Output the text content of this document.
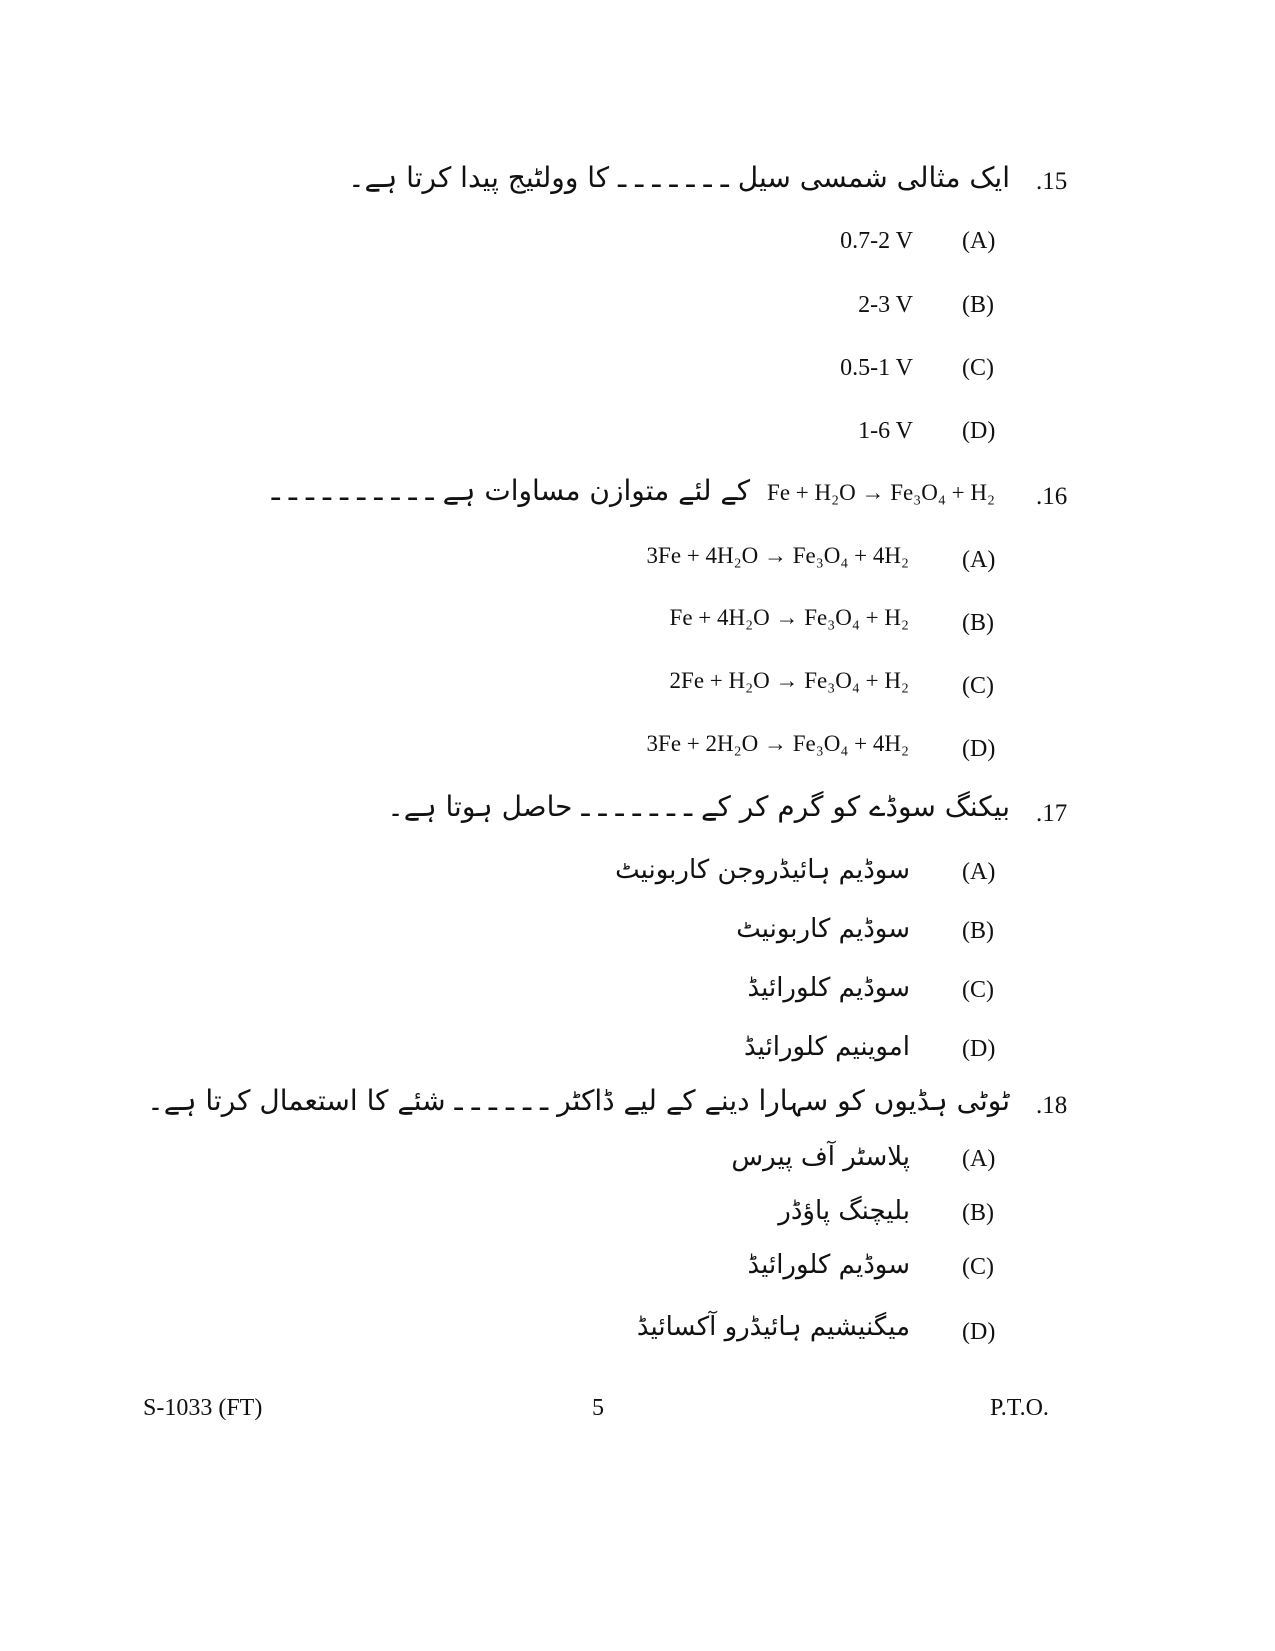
.15
ایک مثالی شمسی سیل ـ ـ ـ ـ ـ ـ ـ کا وولٹیج پیدا کرتا ہے۔
0.7-2 V (A)
2-3 V (B)
0.5-1 V (C)
1-6 V (D)
.16
کے لئے متوازن مساوات ہے ـ ـ ـ ـ ـ ـ ـ ـ ـ ـ Fe + H₂O → Fe₃O₄ + H₂
3Fe + 4H₂O → Fe₃O₄ + 4H₂ (A)
Fe + 4H₂O → Fe₃O₄ + H₂ (B)
2Fe + H₂O → Fe₃O₄ + H₂ (C)
3Fe + 2H₂O → Fe₃O₄ + 4H₂ (D)
.17
بیکنگ سوڈے کو گرم کر کے ـ ـ ـ ـ ـ ـ ـ حاصل ہوتا ہے۔
سوڈیم ہائیڈروجن کاربونیٹ (A)
سوڈیم کاربونیٹ (B)
سوڈیم کلورائیڈ (C)
اموینیم کلورائیڈ (D)
.18
ٹوٹی ہڈیوں کو سہارا دینے کے لیے ڈاکٹر ـ ـ ـ ـ ـ ـ شئے کا استعمال کرتا ہے۔
پلاسٹر آف پیرس (A)
بلیچنگ پاؤڈر (B)
سوڈیم کلورائیڈ (C)
میگنیشیم ہائیڈرو آکسائیڈ (D)
S-1033 (FT)	5	P.T.O.
